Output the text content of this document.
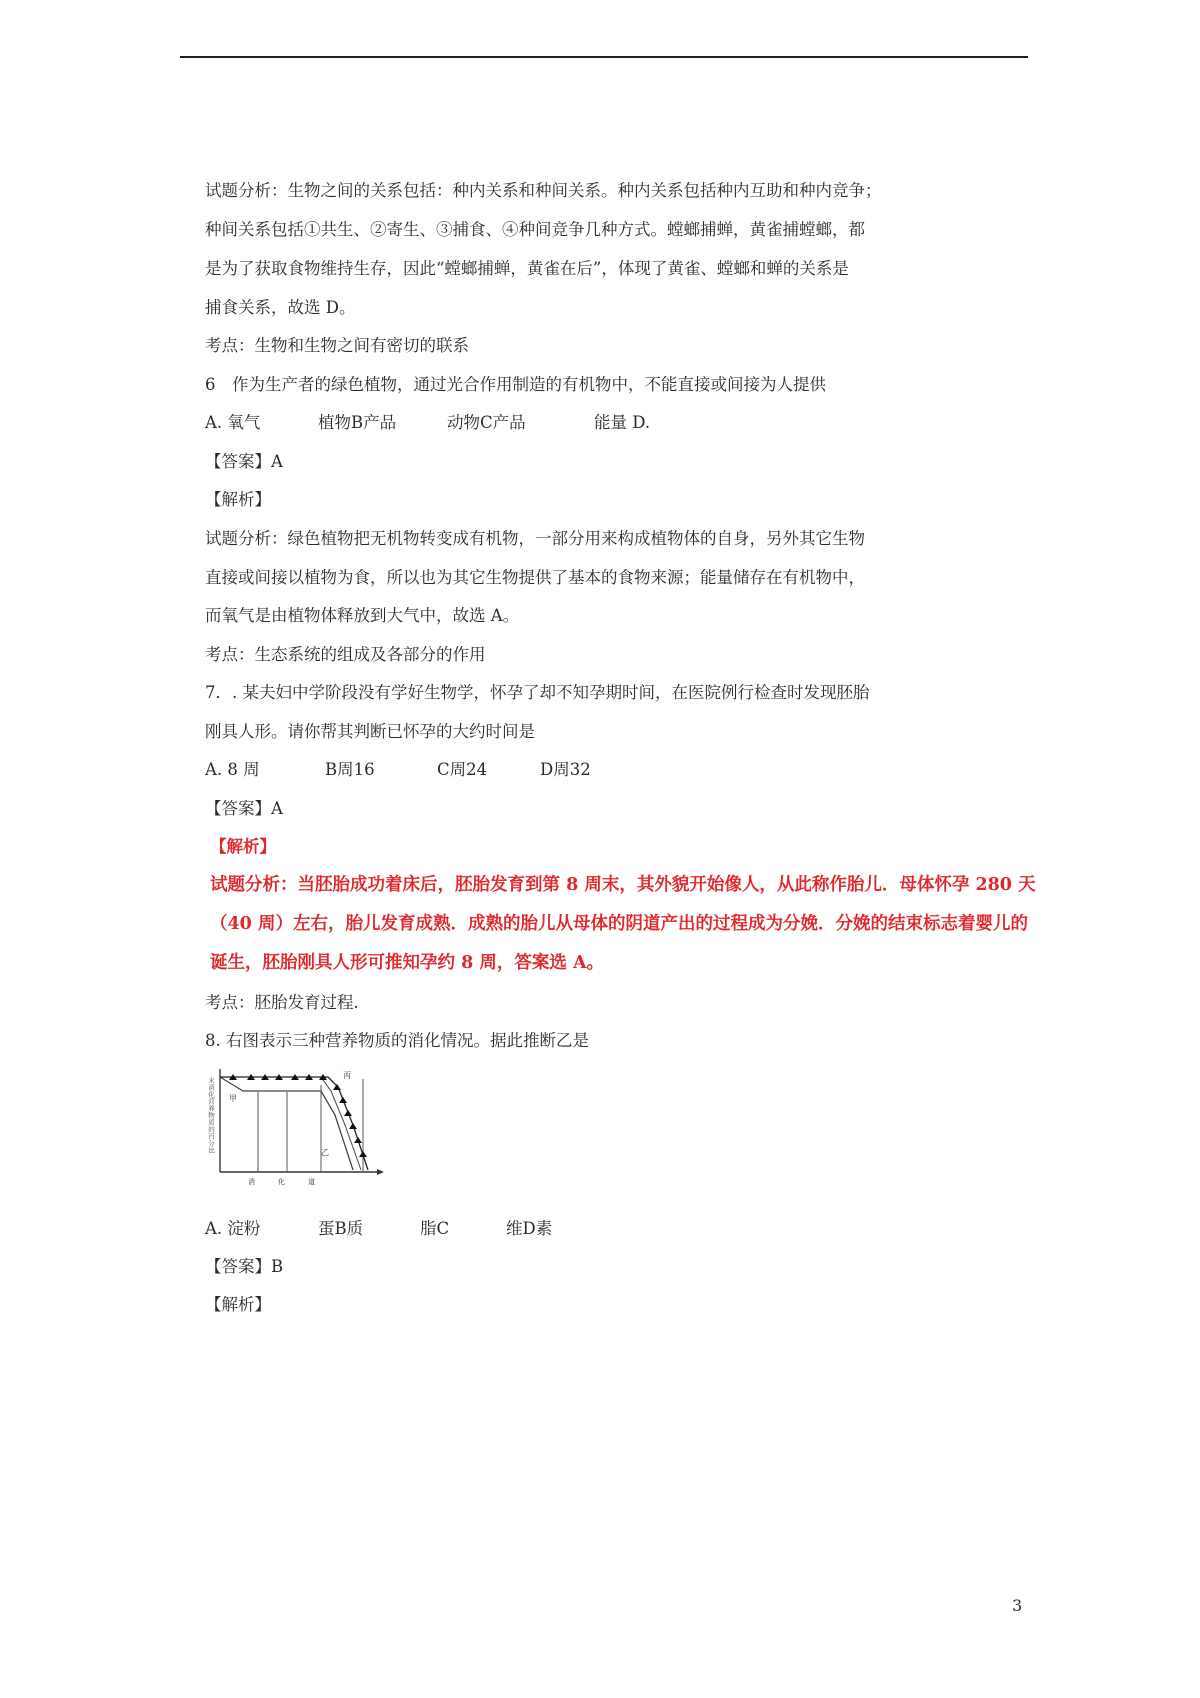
试题分析：生物之间的关系包括：种内关系和种间关系。种内关系包括种内互助和种内竞争；
种间关系包括①共生、②寄生、③捕食、④种间竞争几种方式。螳螂捕蝉，黄雀捕螳螂，都
是为了获取食物维持生存，因此“螳螂捕蝉，黄雀在后”，体现了黄雀、螳螂和蝉的关系是
捕食关系，故选 D。
考点：生物和生物之间有密切的联系
6　作为生产者的绿色植物，通过光合作用制造的有机物中，不能直接或间接为人提供
A. 氧气	植物B产品	动物C产品	能量 D.
【答案】A
【解析】
试题分析：绿色植物把无机物转变成有机物，一部分用来构成植物体的自身，另外其它生物
直接或间接以植物为食，所以也为其它生物提供了基本的食物来源；能量储存在有机物中，
而氧气是由植物体释放到大气中，故选 A。
考点：生态系统的组成及各部分的作用
7．. 某夫妇中学阶段没有学好生物学，怀孕了却不知孕期时间，在医院例行检查时发现胚胎
刚具人形。请你帮其判断已怀孕的大约时间是
A. 8 周	B周16	C周24	D周32
【答案】A
【解析】
试题分析：当胚胎成功着床后，胚胎发育到第 8 周末，其外貌开始像人，从此称作胎儿．母体怀孕 280 天
（40 周）左右，胎儿发育成熟．成熟的胎儿从母体的阴道产出的过程成为分娩．分娩的结束标志着婴儿的
诞生，胚胎刚具人形可推知孕约 8 周，答案选 A。
考点：胚胎发育过程.
8. 右图表示三种营养物质的消化情况。据此推断乙是
未消化营养物质的百分比 甲
乙
丙
消　化　道
A. 淀粉	蛋B质	脂C	维D素
【答案】B
【解析】
3
